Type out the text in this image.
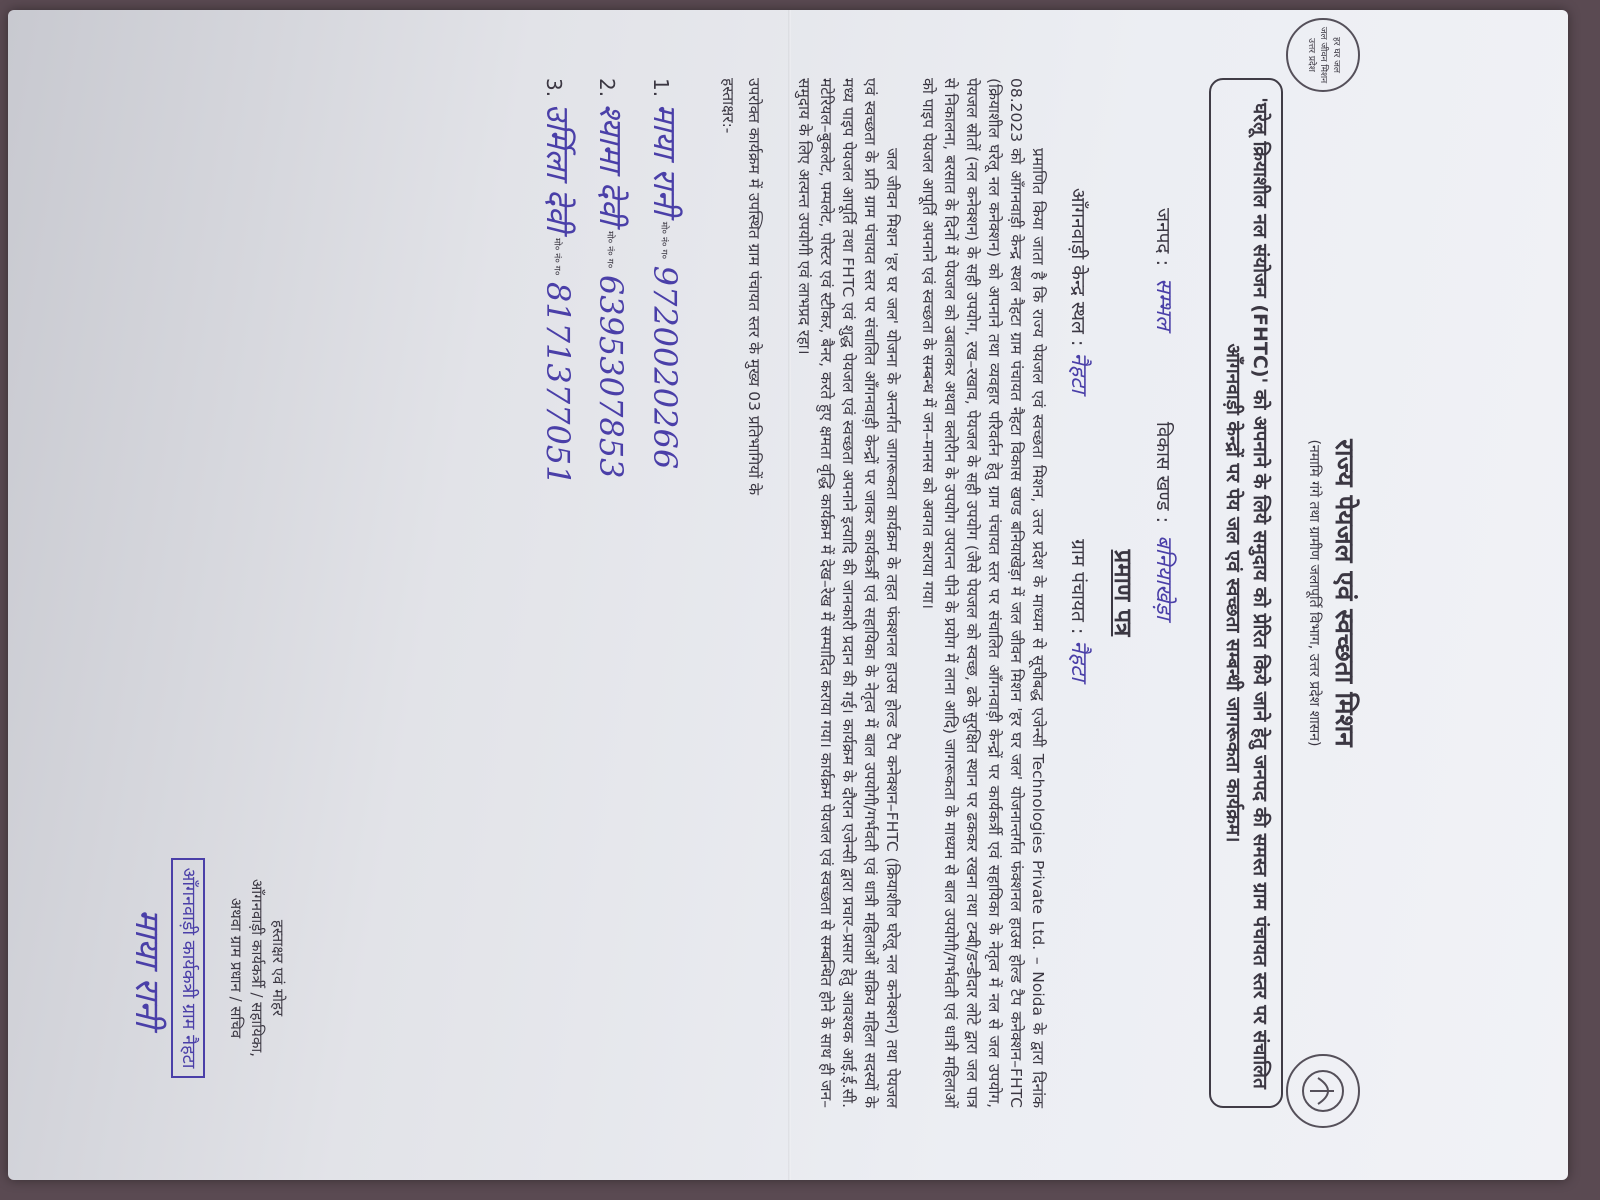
हर घर जल
जल जीवन मिशन
उत्तर प्रदेश
राज्य पेयजल एवं स्वच्छता मिशन
(नमामि गंगे तथा ग्रामीण जलापूर्ति विभाग, उत्तर प्रदेश शासन)
'घरेलू क्रियाशील नल संयोजन (FHTC)' को अपनाने के लिये समुदाय को प्रेरित किये जाने हेतु जनपद की समस्त ग्राम पंचायत स्तर पर संचालित आँगनवाड़ी केन्द्रों पर पेय जल एवं स्वच्छता सम्बन्धी जागरूकता कार्यक्रम।
जनपद : सम्भल विकास खण्ड : बनियाखेड़ा
प्रमाण पत्र
आँगनवाड़ी केन्द्र स्थल : नैहटा ग्राम पंचायत : नैहटा
प्रमाणित किया जाता है कि राज्य पेयजल एवं स्वच्छता मिशन, उत्तर प्रदेश के माध्यम से सूचीबद्ध एजेन्सी Technologies Private Ltd. – Noida के द्वारा दिनांक 08.2023 को आँगनवाड़ी केन्द्र स्थल नैहटा ग्राम पंचायत नैहटा विकास खण्ड बनियाखेड़ा में जल जीवन मिशन 'हर घर जल' योजनान्तर्गत फंक्शनल हाउस होल्ड टैप कनेक्शन–FHTC (क्रियाशील घरेलू नल कनेक्शन) को अपनाने तथा व्यवहार परिवर्तन हेतु ग्राम पंचायत स्तर पर संचालित आँगनवाड़ी केन्द्रों पर कार्यकर्त्री एवं सहायिका के नेतृत्व में नल से जल उपयोग, पेयजल स्रोतों (नल कनेक्शन) के सही उपयोग, रख–रखाव, पेयजल के सही उपयोग (जैसे पेयजल को स्वच्छ, ढके सुरक्षित स्थान पर ढककर रखना तथा टम्बी/डन्डीदार लोटे द्वारा जल पात्र से निकालना, बरसात के दिनों में पेयजल को उबालकर अथवा क्लोरीन के उपयोग उपरान्त पीने के प्रयोग में लाना आदि) जागरूकता के माध्यम से बाल उपयोगी/गर्भवती एवं धात्री महिलाओं को पाइप पेयजल आपूर्ति अपनाने एवं स्वच्छता के सम्बन्ध में जन–मानस को अवगत कराया गया।
जल जीवन मिशन 'हर घर जल' योजना के अन्तर्गत जागरूकता कार्यक्रम के तहत फंक्शनल हाउस होल्ड टैप कनेक्शन–FHTC (क्रियाशील घरेलू नल कनेक्शन) तथा पेयजल एवं स्वच्छता के प्रति ग्राम पंचायत स्तर पर संचालित आँगनवाड़ी केन्द्रों पर जाकर कार्यकर्त्री एवं सहायिका के नेतृत्व में बाल उपयोगी/गर्भवती एवं धात्री महिलाओं सक्रिय महिला सदस्यों के मध्य पाइप पेयजल आपूर्ति तथा FHTC एवं शुद्ध पेयजल एवं स्वच्छता अपनाने इत्यादि की जानकारी प्रदान की गई। कार्यक्रम के दौरान एजेन्सी द्वारा प्रचार–प्रसार हेतु आवश्यक आई.ई.सी. मटेरियल–बुकलेट, पम्पलेट, पोस्टर एवं स्टीकर, बैनर, करते हुए क्षमता वृद्धि कार्यक्रम में देख–रेख में सम्पादित कराया गया। कार्यक्रम पेयजल एवं स्वच्छता से सम्बन्धित होने के साथ ही जन–समुदाय के लिए अत्यन्त उपयोगी एवं लाभप्रद रहा।
उपरोक्त कार्यक्रम में उपस्थित ग्राम पंचायत स्तर के मुख्य 03 प्रतिभागियों के
हस्ताक्षर:-
1. माया रानी $^{मो० नं० ग०}$ 9720020266
2. श्यामा देवी $^{मो० नं० ग०}$ 6395307853
3. उर्मिला देवी $^{मो० नं० ग०}$ 8171377051
हस्ताक्षर एवं मोहर
आँगनवाड़ी कार्यकर्त्री / सहायिका,
अथवा ग्राम प्रधान / सचिव
आँगनवाड़ी कार्यकत्री ग्राम नैहटा
माया रानी
